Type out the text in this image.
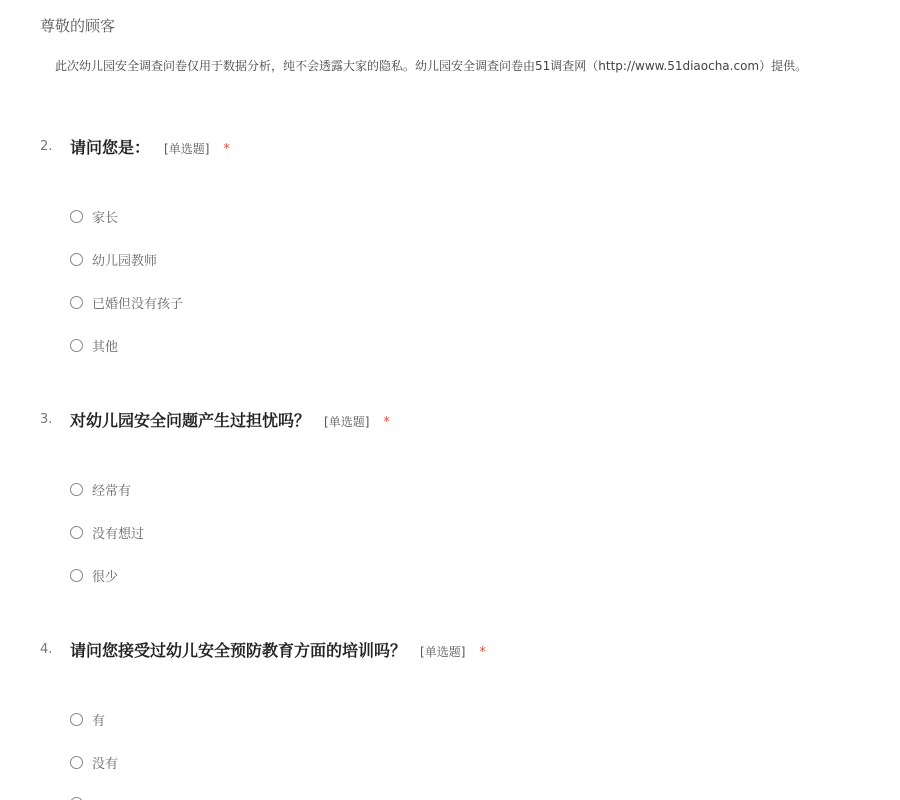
尊敬的顾客
此次幼儿园安全调查问卷仅用于数据分析，纯不会透露大家的隐私。幼儿园安全调查问卷由51调查网（http://www.51diaocha.com）提供。
2. 请问您是： [单选题] *
家长
幼儿园教师
已婚但没有孩子
其他
3. 对幼儿园安全问题产生过担忧吗？ [单选题] *
经常有
没有想过
很少
4. 请问您接受过幼儿安全预防教育方面的培训吗？ [单选题] *
有
没有
